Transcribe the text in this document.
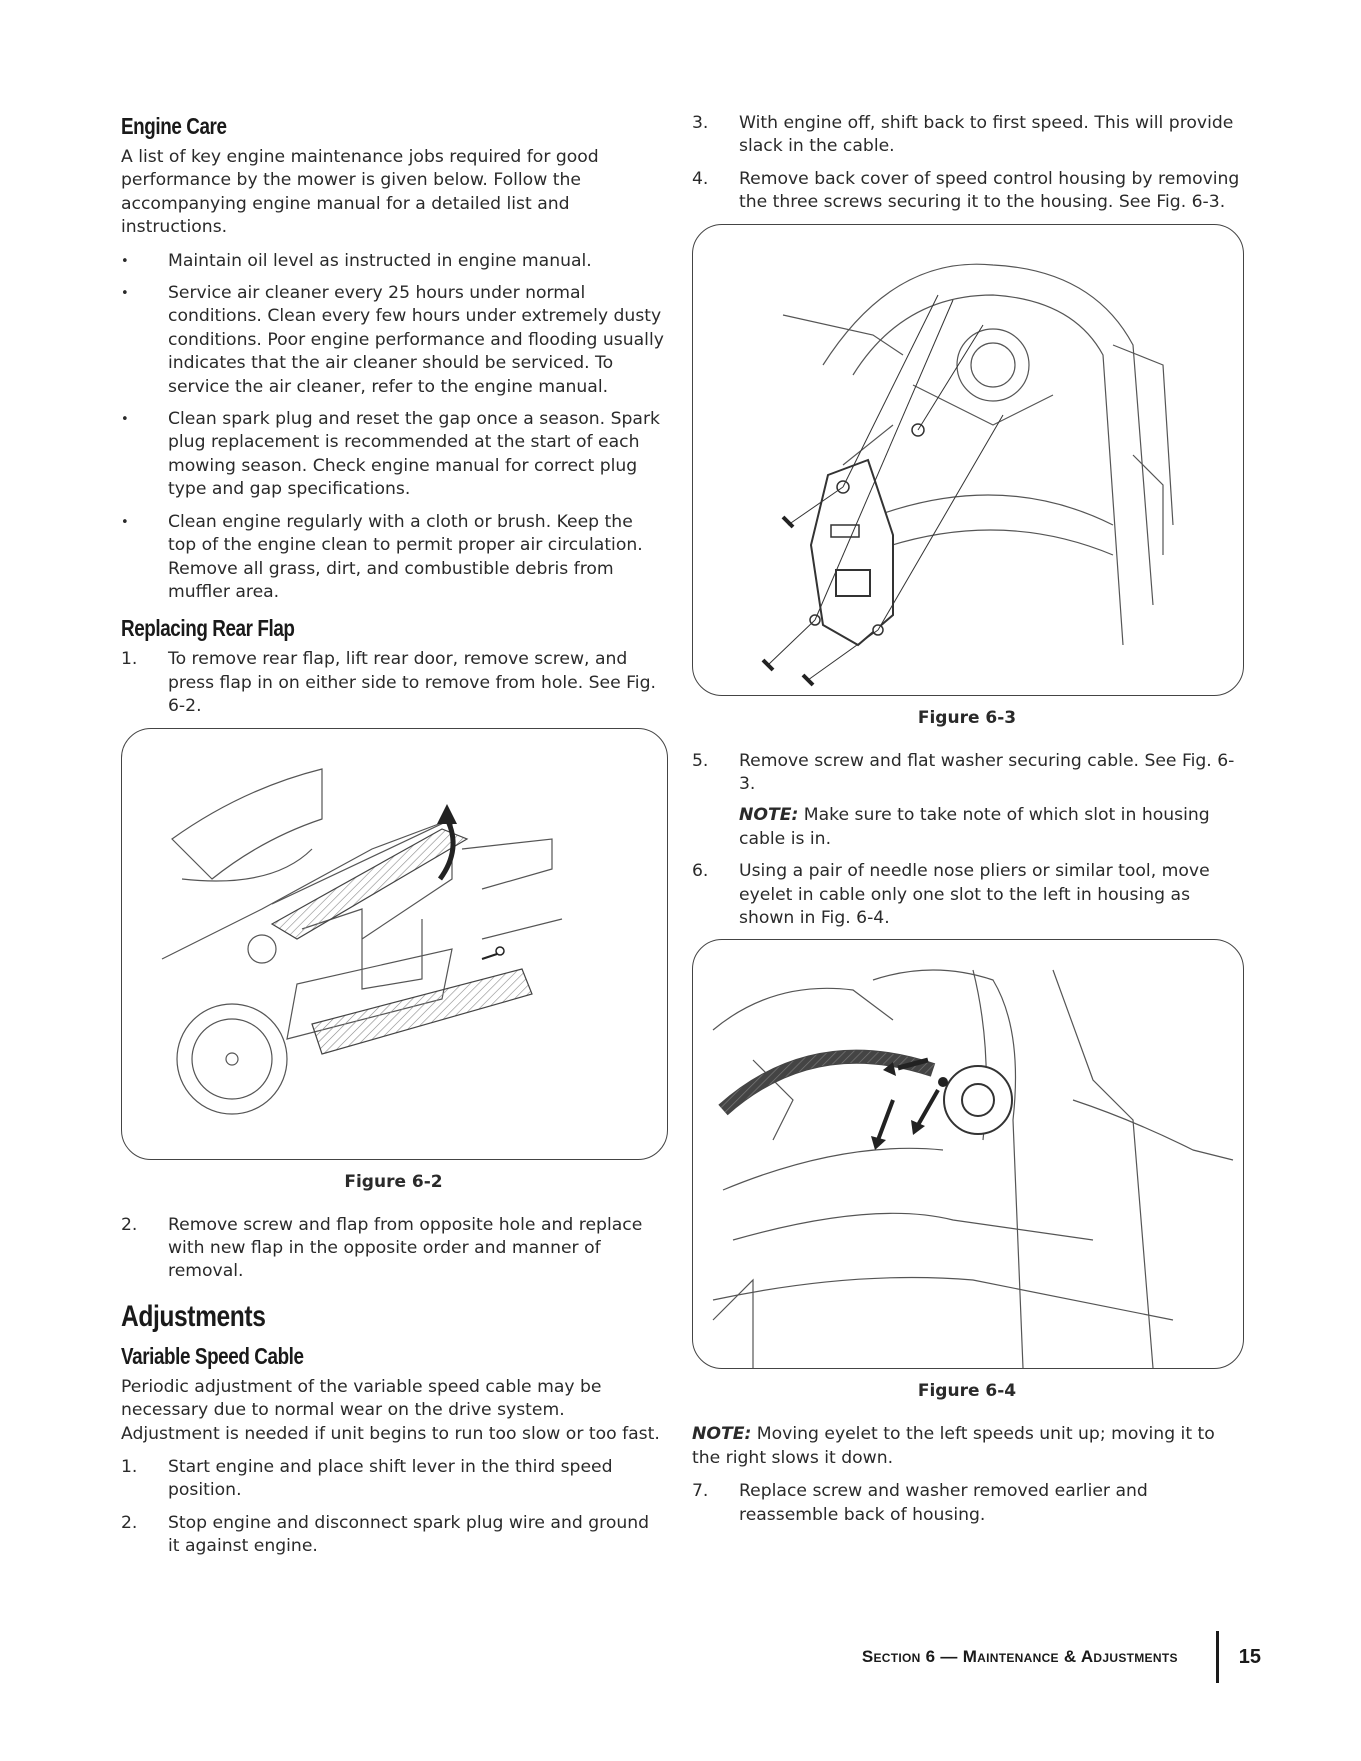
Engine Care

A list of key engine maintenance jobs required for good performance by the mower is given below. Follow the accompanying engine manual for a detailed list and instructions.

• Maintain oil level as instructed in engine manual.
• Service air cleaner every 25 hours under normal conditions. Clean every few hours under extremely dusty conditions. Poor engine performance and flooding usually indicates that the air cleaner should be serviced. To service the air cleaner, refer to the engine manual.
• Clean spark plug and reset the gap once a season. Spark plug replacement is recommended at the start of each mowing season. Check engine manual for correct plug type and gap specifications.
• Clean engine regularly with a cloth or brush. Keep the top of the engine clean to permit proper air circulation. Remove all grass, dirt, and combustible debris from muffler area.
Replacing Rear Flap
1. To remove rear flap, lift rear door, remove screw, and press flap in on either side to remove from hole. See Fig. 6-2.
Figure 6-2
2. Remove screw and flap from opposite hole and replace with new flap in the opposite order and manner of removal.
Adjustments
Variable Speed Cable

Periodic adjustment of the variable speed cable may be necessary due to normal wear on the drive system. Adjustment is needed if unit begins to run too slow or too fast.

1. Start engine and place shift lever in the third speed position.
2. Stop engine and disconnect spark plug wire and ground it against engine.
3. With engine off, shift back to first speed. This will provide slack in the cable.
4. Remove back cover of speed control housing by removing the three screws securing it to the housing. See Fig. 6-3.
Figure 6-3
5. Remove screw and flat washer securing cable. See Fig. 6-3.
NOTE: Make sure to take note of which slot in housing cable is in.
6. Using a pair of needle nose pliers or similar tool, move eyelet in cable only one slot to the left in housing as shown in Fig. 6-4.
Figure 6-4

NOTE: Moving eyelet to the left speeds unit up; moving it to the right slows it down.

7. Replace screw and washer removed earlier and reassemble back of housing.
Section 6 — Maintenance & Adjustments	15
